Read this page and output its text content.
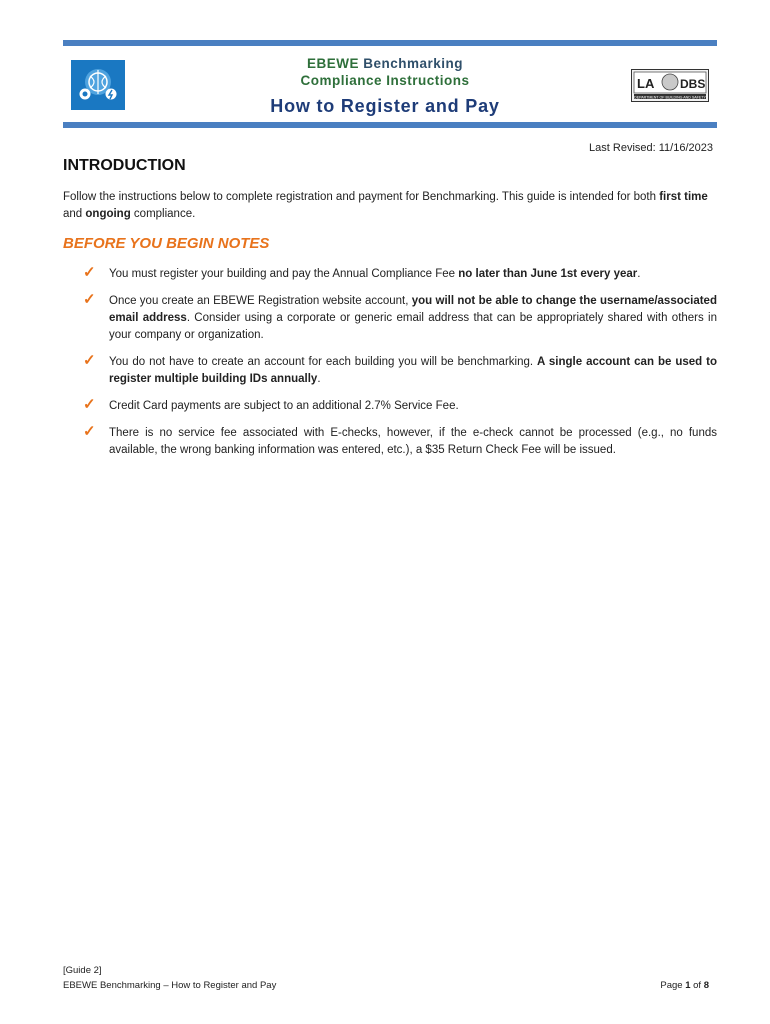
LA DBS
DEPARTMENT OF BUILDING AND SAFETY
EBEWE Benchmarking
Compliance Instructions
How to Register and Pay
Last Revised: 11/16/2023
INTRODUCTION
Follow the instructions below to complete registration and payment for Benchmarking. This guide is intended for both first time and ongoing compliance.
BEFORE YOU BEGIN NOTES
✓ You must register your building and pay the Annual Compliance Fee no later than June 1st every year.
✓ Once you create an EBEWE Registration website account, you will not be able to change the username/associated email address. Consider using a corporate or generic email address that can be appropriately shared with others in your company or organization.
✓ You do not have to create an account for each building you will be benchmarking. A single account can be used to register multiple building IDs annually.
✓ Credit Card payments are subject to an additional 2.7% Service Fee.
✓ There is no service fee associated with E-checks, however, if the e-check cannot be processed (e.g., no funds available, the wrong banking information was entered, etc.), a $35 Return Check Fee will be issued.
[Guide 2]
EBEWE Benchmarking – How to Register and Pay	Page 1 of 8
